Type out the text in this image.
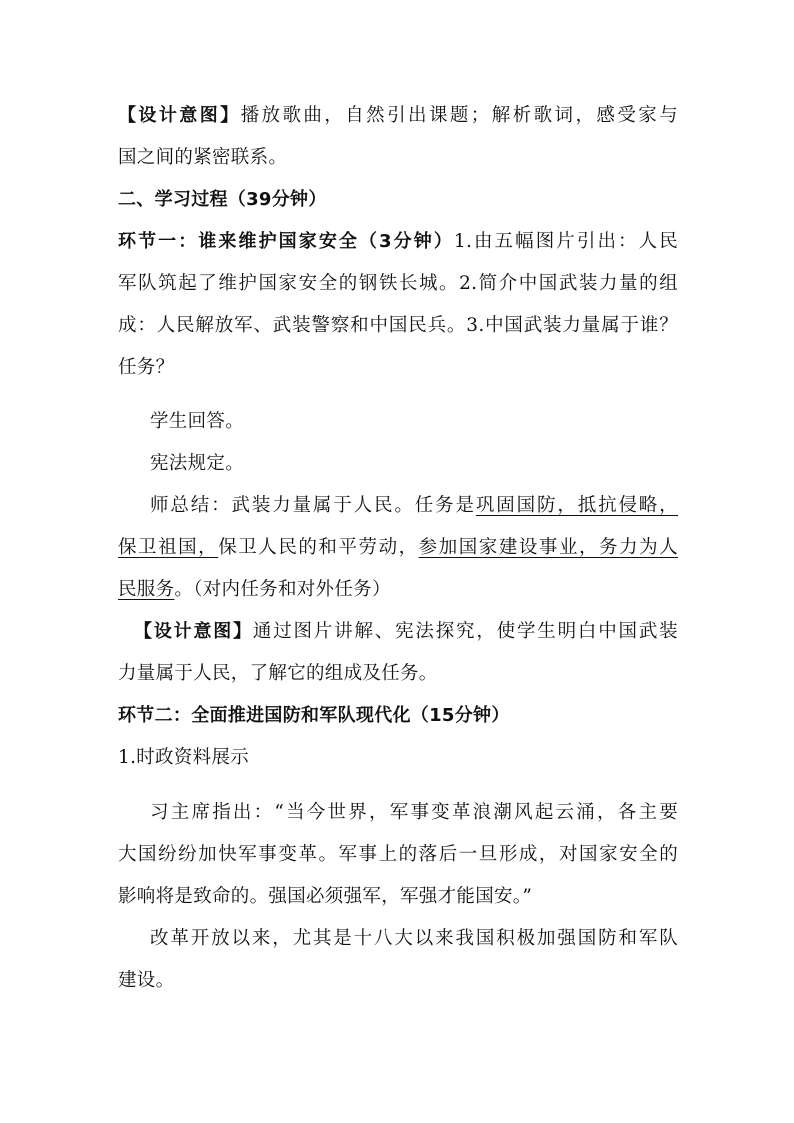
【设计意图】播放歌曲，自然引出课题；解析歌词，感受家与
国之间的紧密联系。
二、学习过程（39分钟）
环节一：谁来维护国家安全（3分钟）1.由五幅图片引出：人民
军队筑起了维护国家安全的钢铁长城。2.简介中国武装力量的组
成：人民解放军、武装警察和中国民兵。3.中国武装力量属于谁？
任务？
学生回答。
宪法规定。
师总结：武装力量属于人民。任务是巩固国防，抵抗侵略，
保卫祖国，保卫人民的和平劳动，参加国家建设事业，务力为人
民服务。（对内任务和对外任务）
【设计意图】通过图片讲解、宪法探究，使学生明白中国武装
力量属于人民，了解它的组成及任务。
环节二：全面推进国防和军队现代化（15分钟）
1.时政资料展示
习主席指出：“当今世界，军事变革浪潮风起云涌，各主要
大国纷纷加快军事变革。军事上的落后一旦形成，对国家安全的
影响将是致命的。强国必须强军，军强才能国安。”
改革开放以来，尤其是十八大以来我国积极加强国防和军队
建设。
